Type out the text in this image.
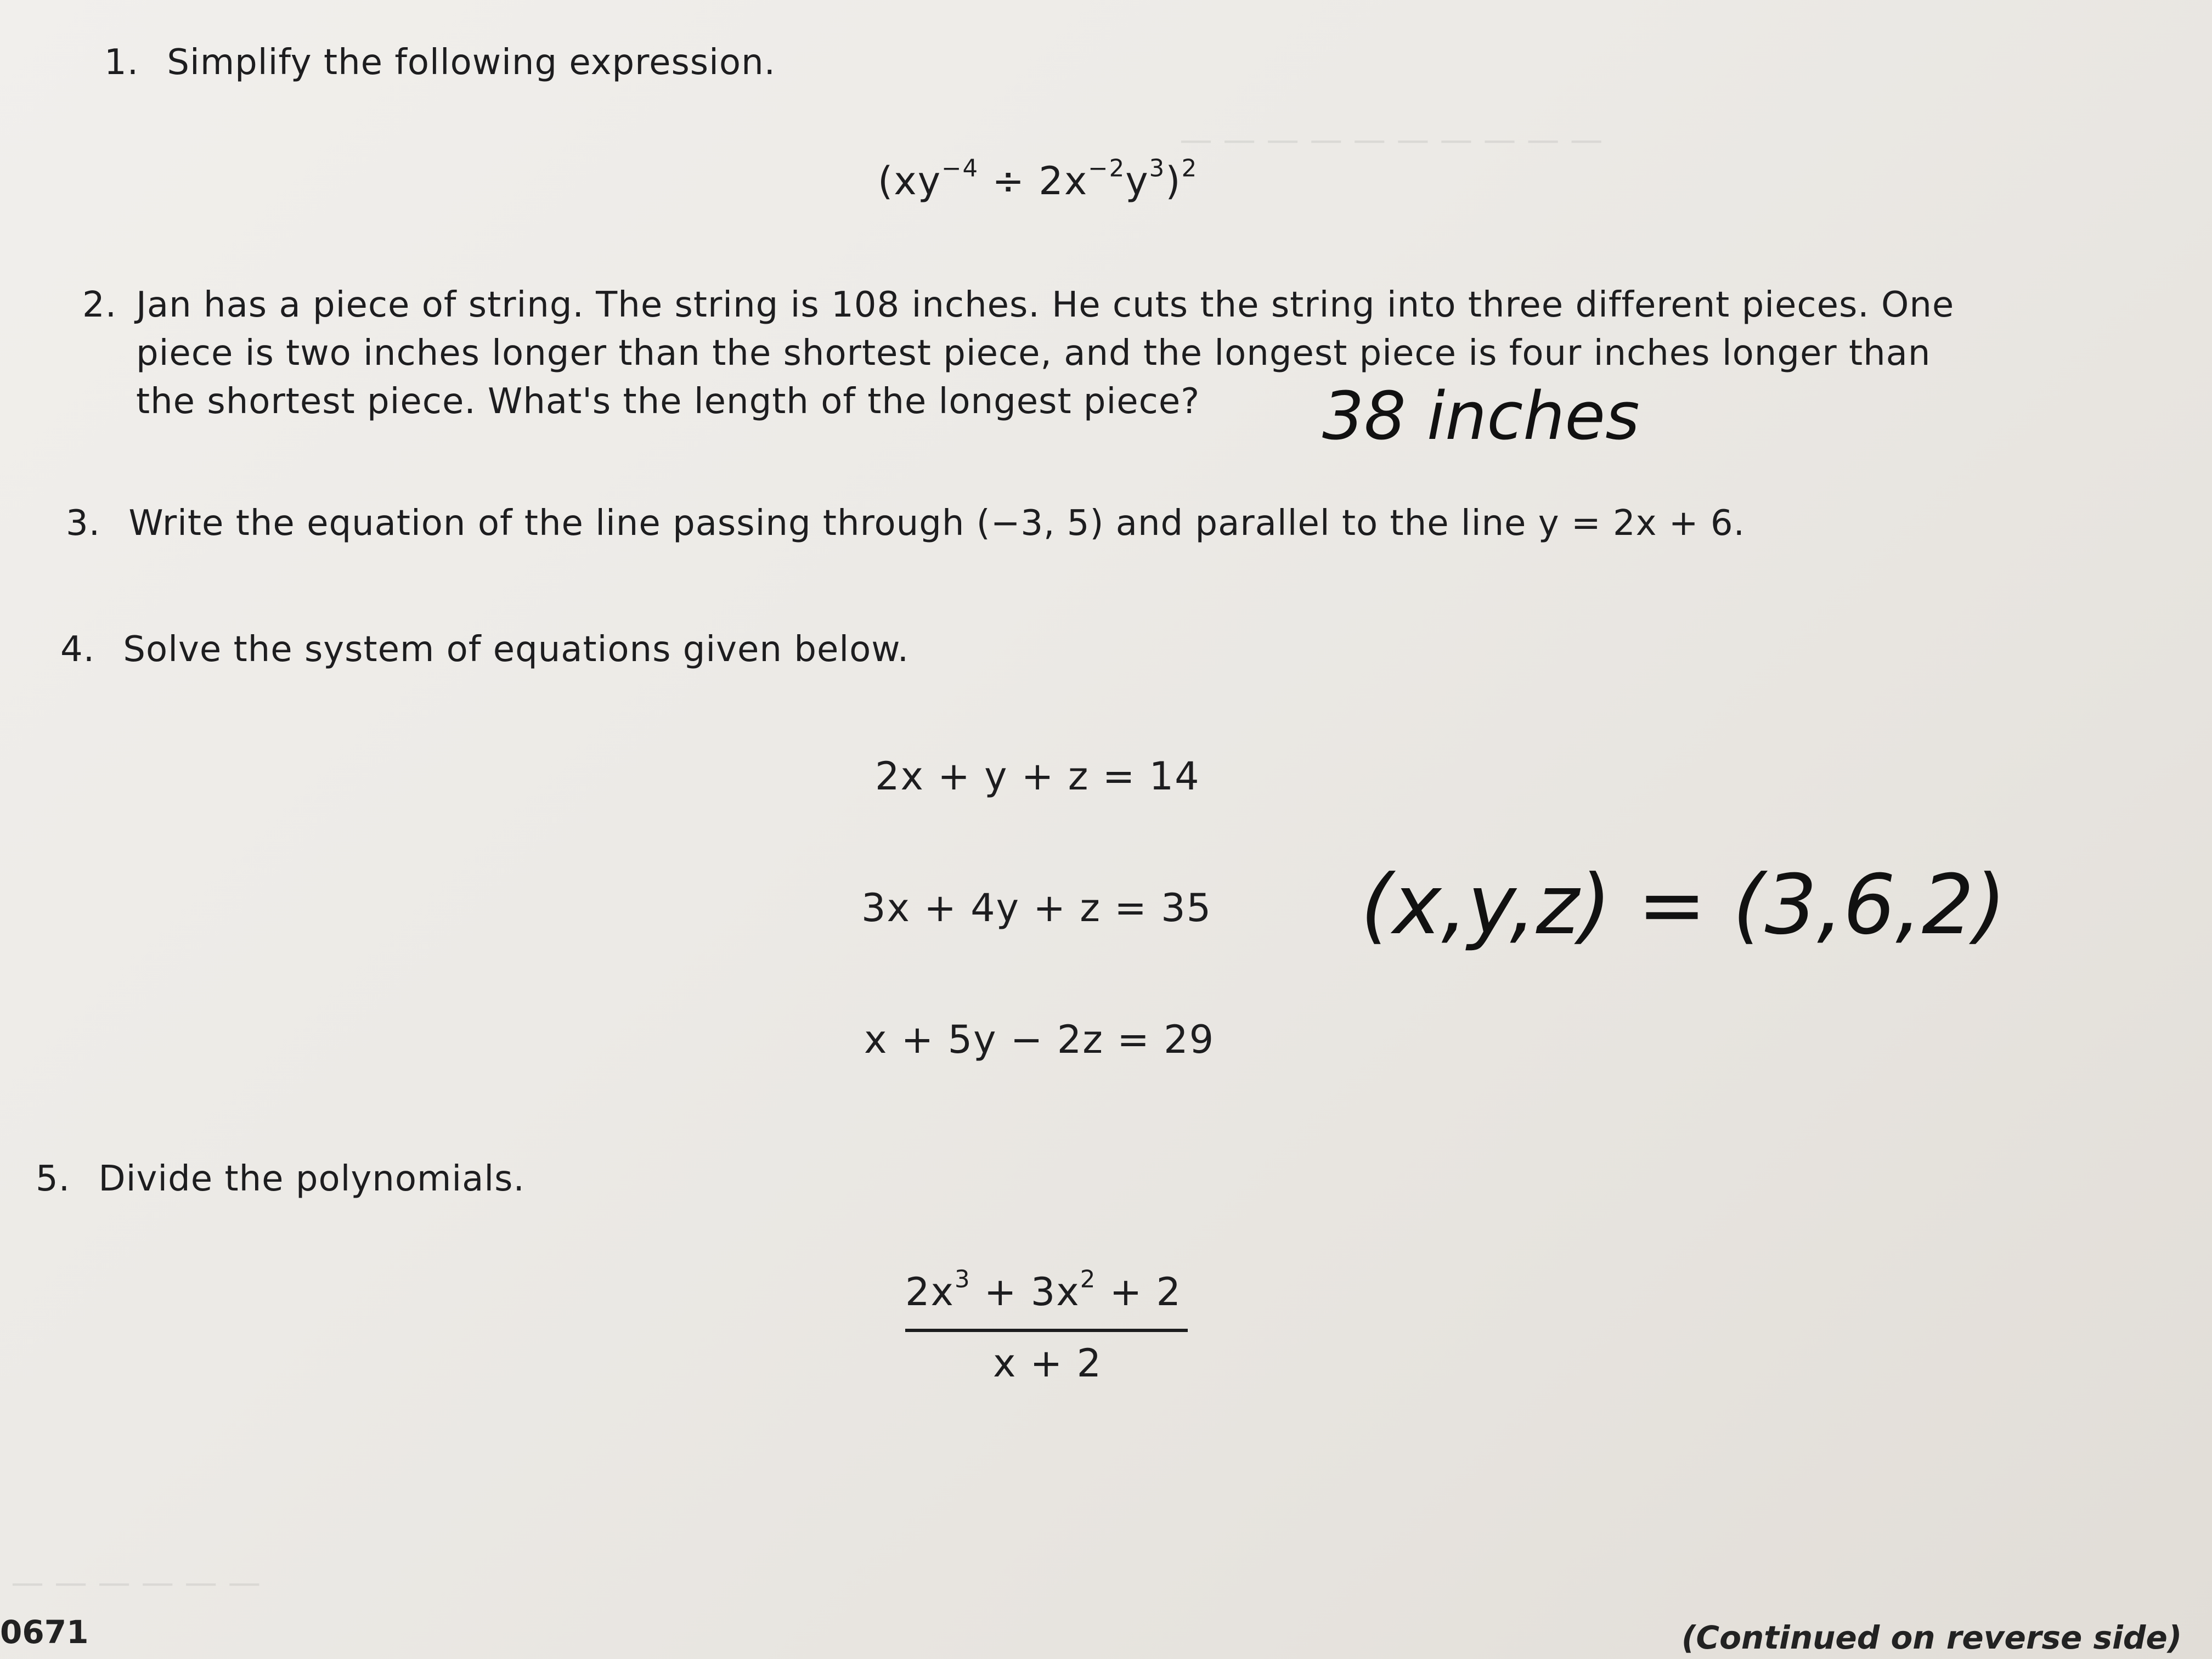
— — — — — — — — — —
1. Simplify the following expression.
$(xy^{-4} \div 2x^{-2}y^3)^2$
2. Jan has a piece of string. The string is 108 inches. He cuts the string into three different pieces. One
piece is two inches longer than the shortest piece, and the longest piece is four inches longer than
the shortest piece. What's the length of the longest piece?	38 inches
3. Write the equation of the line passing through (−3, 5) and parallel to the line y = 2x + 6.
4. Solve the system of equations given below.
2x + y + z = 14
3x + 4y + z = 35
x + 5y − 2z = 29
(x,y,z) = (3,6,2)
5. Divide the polynomials.
$2x^3 + 3x^2 + 2$
x + 2
— — — — — —
0671	(Continued on reverse side)
